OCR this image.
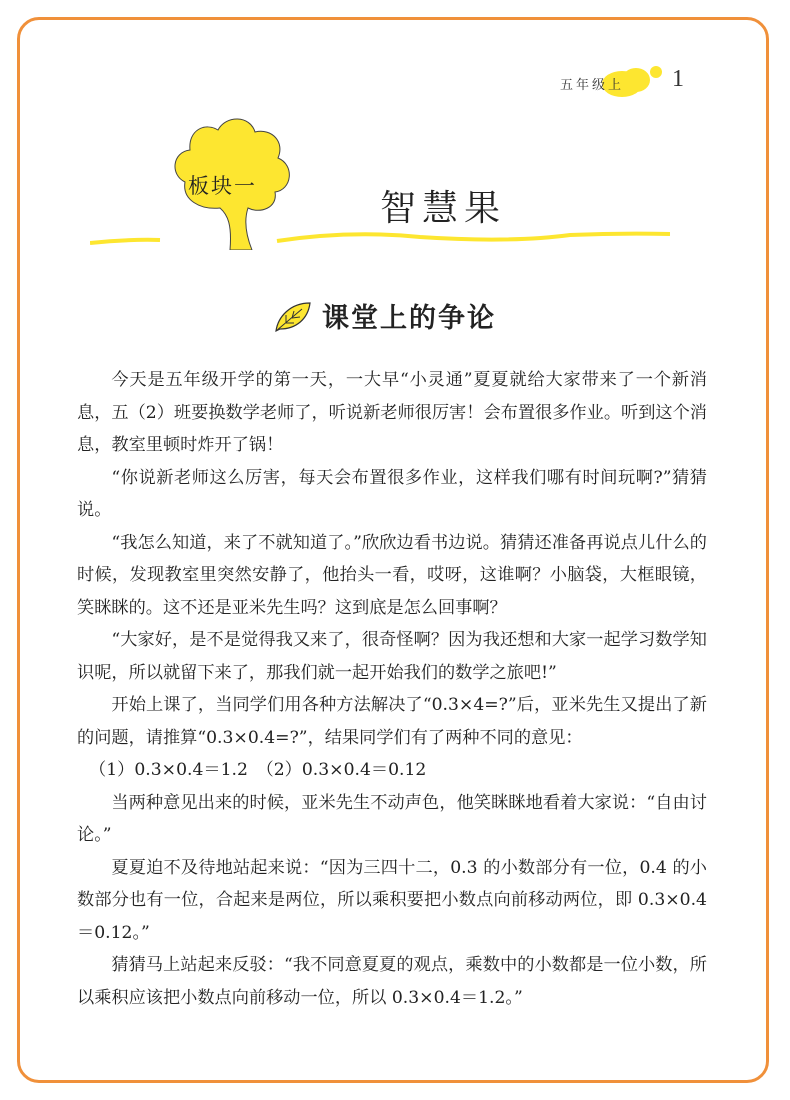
五年级上 1
板块一
智慧果
课堂上的争论

今天是五年级开学的第一天，一大早“小灵通”夏夏就给大家带来了一个新消息，五（2）班要换数学老师了，听说新老师很厉害！会布置很多作业。听到这个消息，教室里顿时炸开了锅！

“你说新老师这么厉害，每天会布置很多作业，这样我们哪有时间玩啊?”猜猜说。

“我怎么知道，来了不就知道了。”欣欣边看书边说。猜猜还准备再说点儿什么的时候，发现教室里突然安静了，他抬头一看，哎呀，这谁啊？小脑袋，大框眼镜，笑眯眯的。这不还是亚米先生吗？这到底是怎么回事啊？

“大家好，是不是觉得我又来了，很奇怪啊？因为我还想和大家一起学习数学知识呢，所以就留下来了，那我们就一起开始我们的数学之旅吧!”

开始上课了，当同学们用各种方法解决了“0.3×4=?”后，亚米先生又提出了新的问题，请推算“0.3×0.4=?”，结果同学们有了两种不同的意见：

（1）0.3×0.4＝1.2　（2）0.3×0.4＝0.12

当两种意见出来的时候，亚米先生不动声色，他笑眯眯地看着大家说：“自由讨论。”

夏夏迫不及待地站起来说：“因为三四十二，0.3 的小数部分有一位，0.4 的小数部分也有一位，合起来是两位，所以乘积要把小数点向前移动两位，即 0.3×0.4＝0.12。”

猜猜马上站起来反驳：“我不同意夏夏的观点，乘数中的小数都是一位小数，所以乘积应该把小数点向前移动一位，所以 0.3×0.4＝1.2。”
